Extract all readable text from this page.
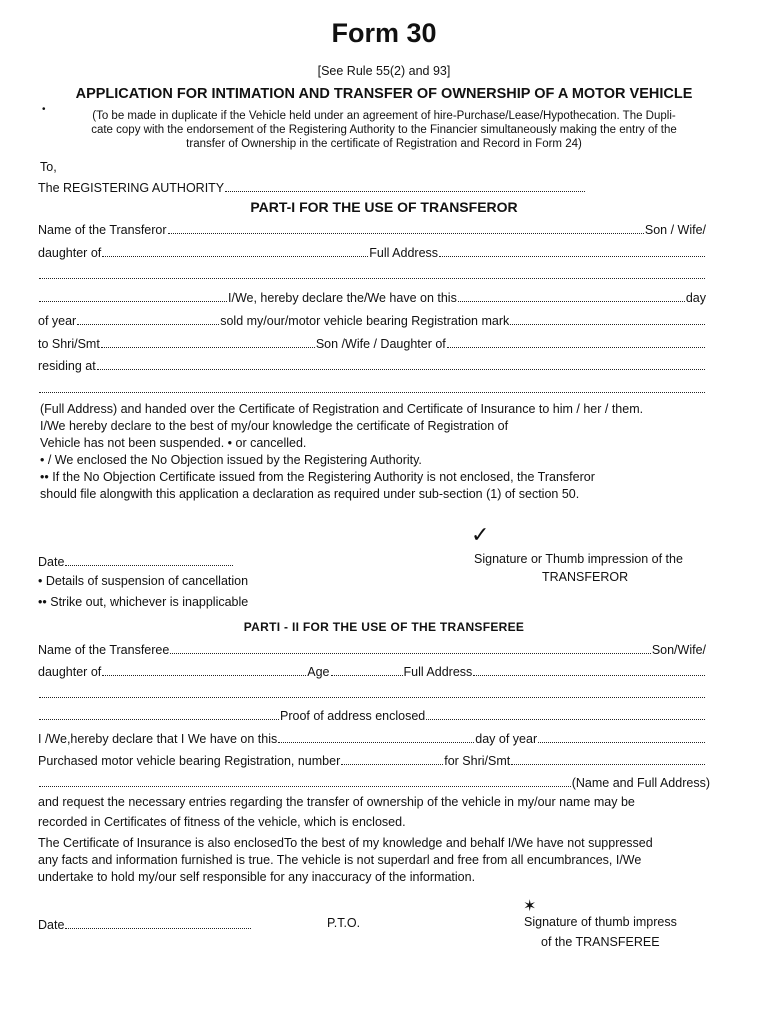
Form 30
[See Rule 55(2) and 93]
APPLICATION FOR INTIMATION AND TRANSFER OF OWNERSHIP OF A MOTOR VEHICLE
•
(To be made in duplicate if the Vehicle held under an agreement of hire-Purchase/Lease/Hypothecation. The Dupli-
cate copy with the endorsement of the Registering Authority to the Financier simultaneously making the entry of the
transfer of Ownership in the certificate of Registration and Record in Form 24)
To,
The REGISTERING AUTHORITY
PART-I FOR THE USE OF TRANSFEROR
Name of the Transferor	Son / Wife/
daughter of	Full Address
I/We, hereby declare the/We have on this	day
of year	sold my/our/motor vehicle bearing Registration mark
to Shri/Smt	Son /Wife / Daughter of
residing at
(Full Address) and handed over the Certificate of Registration and Certificate of Insurance to him / her / them.
I/We hereby declare to the best of my/our knowledge the certificate of Registration of
Vehicle has not been suspended. • or cancelled.
• / We enclosed the No Objection issued by the Registering Authority.
•• If the No Objection Certificate issued from the Registering Authority is not enclosed, the Transferor
should file alongwith this application a declaration as required under sub-section (1) of section 50.
✓
Date	Signature or Thumb impression of the
TRANSFEROR
• Details of suspension of cancellation
•• Strike out, whichever is inapplicable
PARTI - II FOR THE USE OF THE TRANSFEREE
Name of the Transferee	Son/Wife/
daughter of	Age	Full Address
Proof of address enclosed
I /We,hereby declare that I We have on this	day of year
Purchased motor vehicle bearing Registration, number	for Shri/Smt
(Name and Full Address)
and request the necessary entries regarding the transfer of ownership of the vehicle in my/our name may be
recorded in Certificates of fitness of the vehicle, which is enclosed.
The Certificate of Insurance is also enclosedTo the best of my knowledge and behalf I/We have not suppressed
any facts and information furnished is true. The vehicle is not superdarl and free from all encumbrances, I/We
undertake to hold my/our self responsible for any inaccuracy of the information.
✶
Date	P.T.O.	Signature of thumb impress
of the TRANSFEREE
